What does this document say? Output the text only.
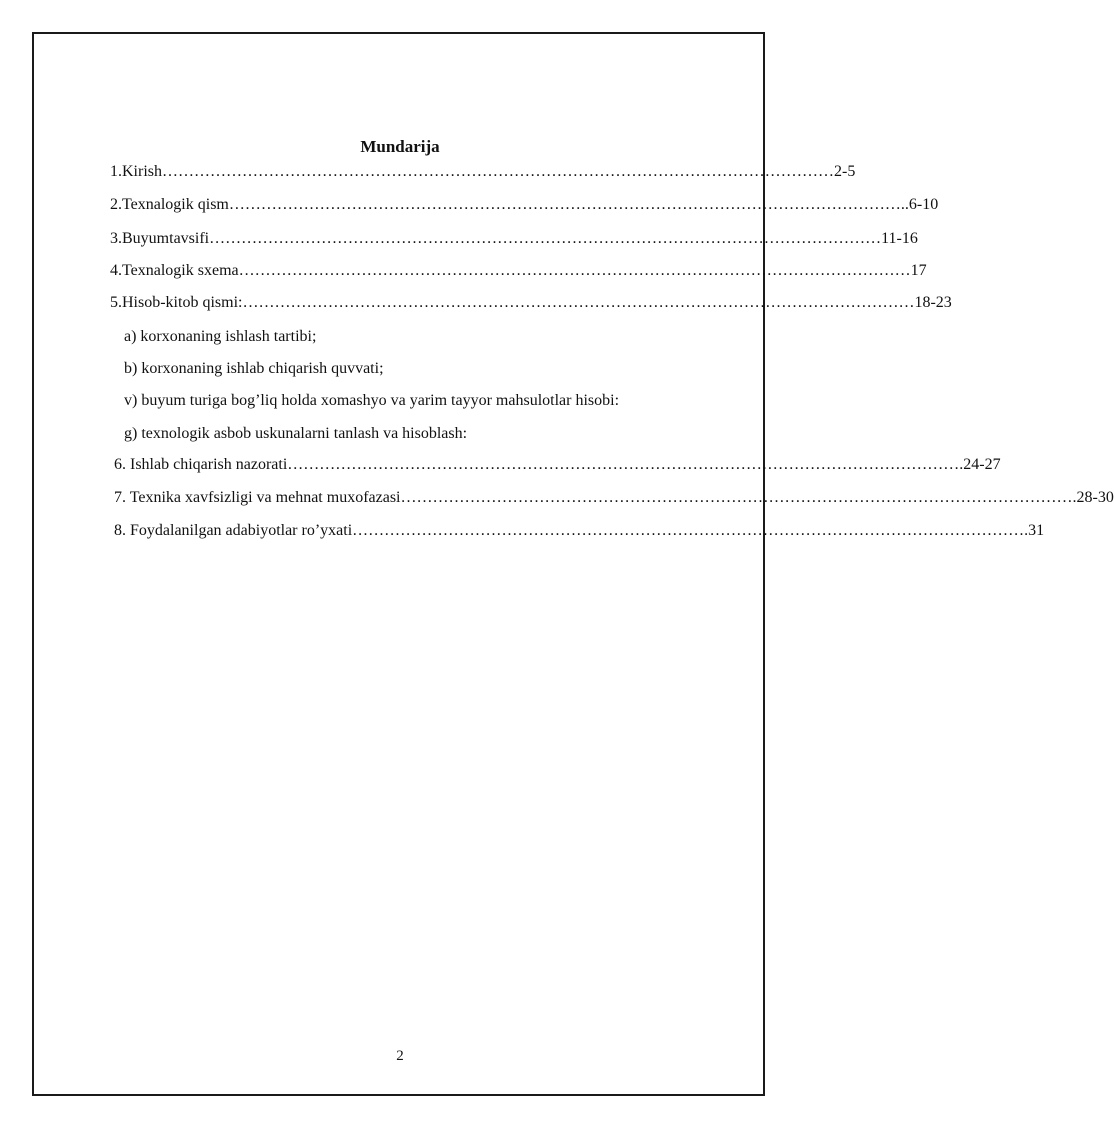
Mundarija
1. Kirish ……………………………………………………………………………………………………………… 2-5
2. Texnalogik qism ……………………………………………………………………………………………………………… ..6-10
3. Buyumtavsifi ……………………………………………………………………………………………………………… 11-16
4. Texnalogik sxema ……………………………………………………………………………………………………………… 17
5. Hisob-kitob qismi: ……………………………………………………………………………………………………………… 18-23
a) korxonaning ishlash tartibi;
b) korxonaning ishlab chiqarish quvvati;
v) buyum turiga bog’liq holda xomashyo va yarim tayyor mahsulotlar hisobi:
g) texnologik asbob uskunalarni tanlash va hisoblash:
6. Ishlab chiqarish nazorati ……………………………………………………………………………………………………………… .24-27
7. Texnika xavfsizligi va mehnat muxofazasi ……………………………………………………………………………………………………………… .28-30
8. Foydalanilgan adabiyotlar ro’yxati ……………………………………………………………………………………………………………… .31
2
